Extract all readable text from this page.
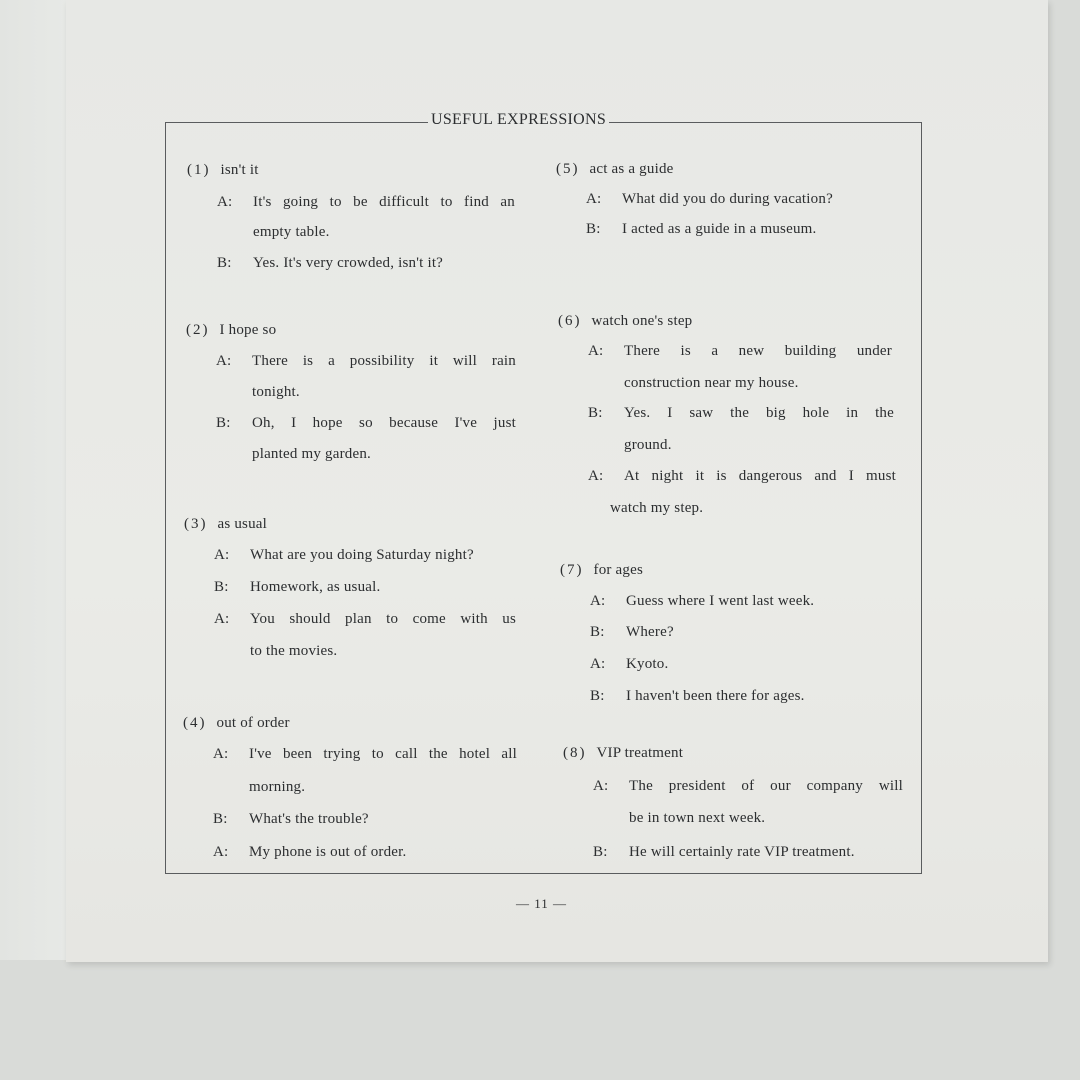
USEFUL EXPRESSIONS
(1) isn't it
A: It's going to be difficult to find an
empty table.
B: Yes. It's very crowded, isn't it?
(2) I hope so
A: There is a possibility it will rain
tonight.
B: Oh, I hope so because I've just
planted my garden.
(3) as usual
A: What are you doing Saturday night?
B: Homework, as usual.
A: You should plan to come with us
to the movies.
(4) out of order
A: I've been trying to call the hotel all
morning.
B: What's the trouble?
A: My phone is out of order.
(5) act as a guide
A: What did you do during vacation?
B: I acted as a guide in a museum.
(6) watch one's step
A: There is a new building under
construction near my house.
B: Yes. I saw the big hole in the
ground.
A: At night it is dangerous and I must
watch my step.
(7) for ages
A: Guess where I went last week.
B: Where?
A: Kyoto.
B: I haven't been there for ages.
(8) VIP treatment
A: The president of our company will
be in town next week.
B: He will certainly rate VIP treatment.
— 11 —
